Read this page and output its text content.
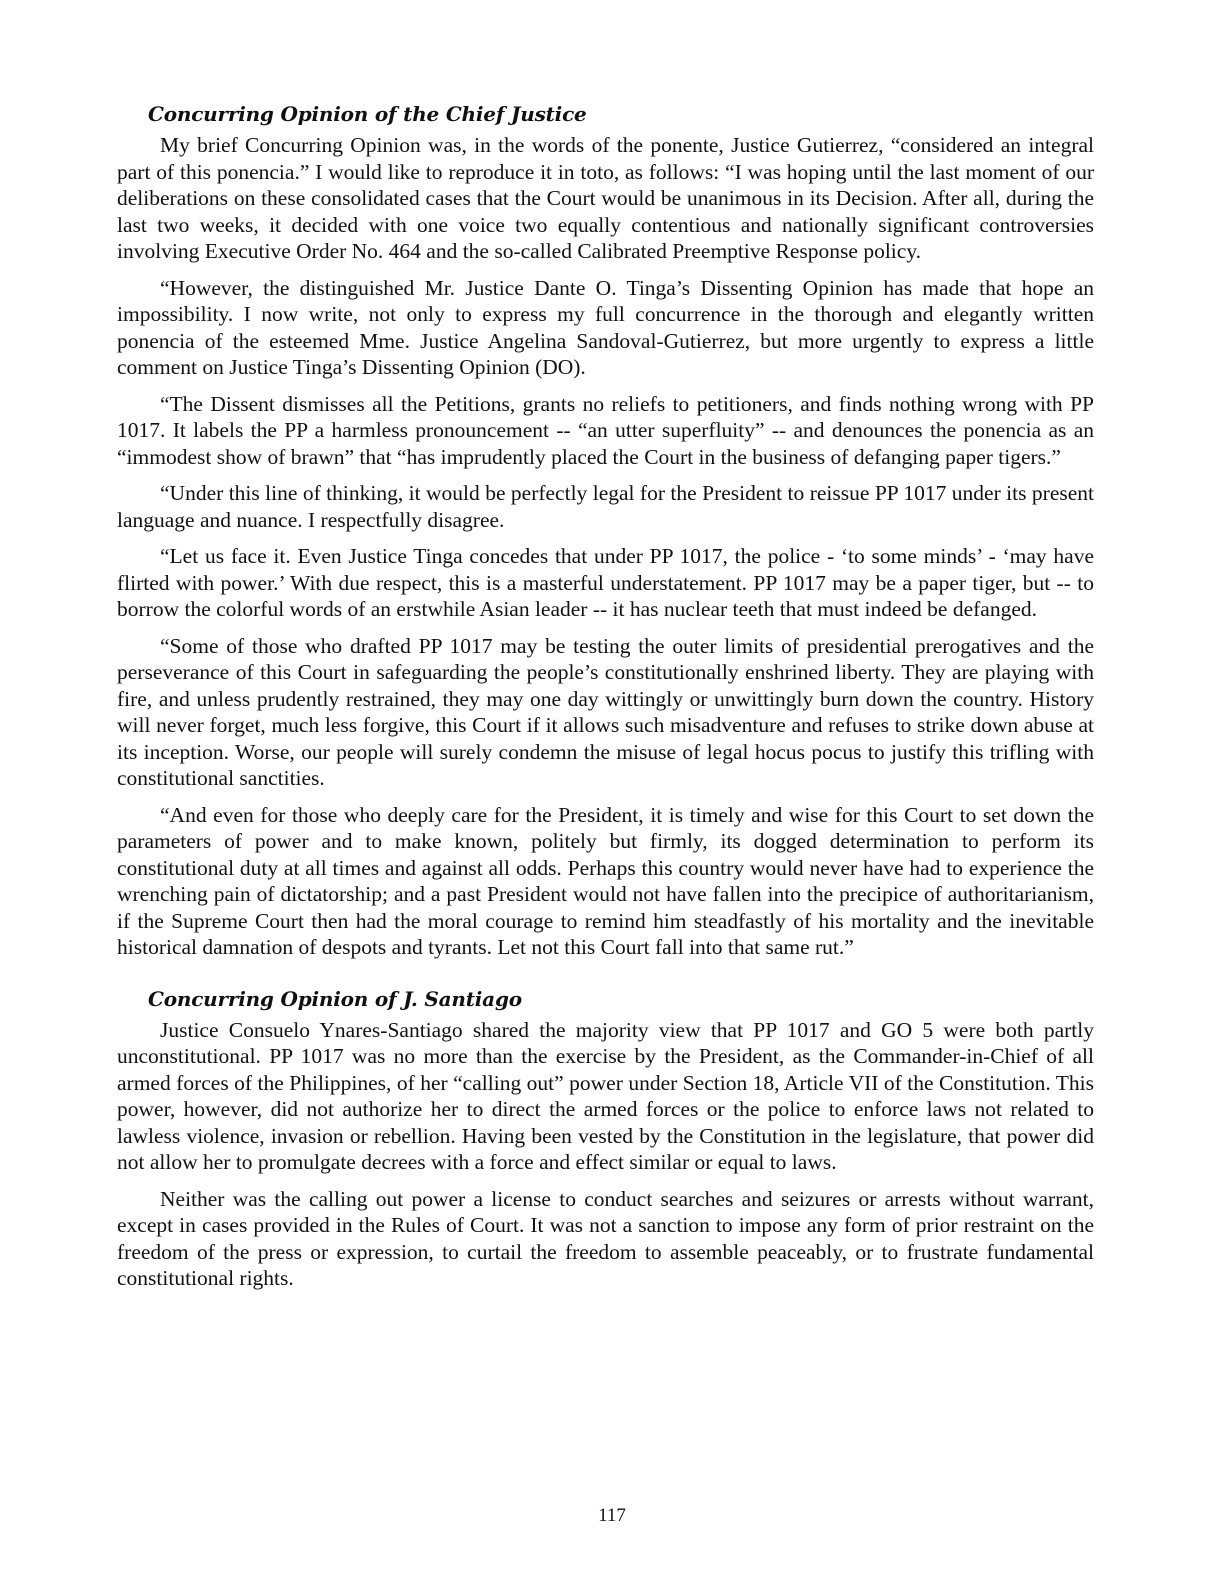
Concurring Opinion of the Chief Justice

My brief Concurring Opinion was, in the words of the ponente, Justice Gutierrez, “considered an integral part of this ponencia.” I would like to reproduce it in toto, as follows: “I was hoping until the last moment of our deliberations on these consolidated cases that the Court would be unanimous in its Decision. After all, during the last two weeks, it decided with one voice two equally contentious and nationally significant controversies involving Executive Order No. 464 and the so-called Calibrated Preemptive Response policy.

“However, the distinguished Mr. Justice Dante O. Tinga’s Dissenting Opinion has made that hope an impossibility. I now write, not only to express my full concurrence in the thorough and elegantly written ponencia of the esteemed Mme. Justice Angelina Sandoval-Gutierrez, but more urgently to express a little comment on Justice Tinga’s Dissenting Opinion (DO).

“The Dissent dismisses all the Petitions, grants no reliefs to petitioners, and finds nothing wrong with PP 1017. It labels the PP a harmless pronouncement -- “an utter superfluity” -- and denounces the ponencia as an “immodest show of brawn” that “has imprudently placed the Court in the business of defanging paper tigers.”

“Under this line of thinking, it would be perfectly legal for the President to reissue PP 1017 under its present language and nuance. I respectfully disagree.

“Let us face it. Even Justice Tinga concedes that under PP 1017, the police - ‘to some minds’ - ‘may have flirted with power.’ With due respect, this is a masterful understatement. PP 1017 may be a paper tiger, but -- to borrow the colorful words of an erstwhile Asian leader -- it has nuclear teeth that must indeed be defanged.

“Some of those who drafted PP 1017 may be testing the outer limits of presidential prerogatives and the perseverance of this Court in safeguarding the people’s constitutionally enshrined liberty. They are playing with fire, and unless prudently restrained, they may one day wittingly or unwittingly burn down the country. History will never forget, much less forgive, this Court if it allows such misadventure and refuses to strike down abuse at its inception. Worse, our people will surely condemn the misuse of legal hocus pocus to justify this trifling with constitutional sanctities.

“And even for those who deeply care for the President, it is timely and wise for this Court to set down the parameters of power and to make known, politely but firmly, its dogged determination to perform its constitutional duty at all times and against all odds. Perhaps this country would never have had to experience the wrenching pain of dictatorship; and a past President would not have fallen into the precipice of authoritarianism, if the Supreme Court then had the moral courage to remind him steadfastly of his mortality and the inevitable historical damnation of despots and tyrants. Let not this Court fall into that same rut.”

Concurring Opinion of J. Santiago

Justice Consuelo Ynares-Santiago shared the majority view that PP 1017 and GO 5 were both partly unconstitutional. PP 1017 was no more than the exercise by the President, as the Commander-in-Chief of all armed forces of the Philippines, of her “calling out” power under Section 18, Article VII of the Constitution. This power, however, did not authorize her to direct the armed forces or the police to enforce laws not related to lawless violence, invasion or rebellion. Having been vested by the Constitution in the legislature, that power did not allow her to promulgate decrees with a force and effect similar or equal to laws.

Neither was the calling out power a license to conduct searches and seizures or arrests without warrant, except in cases provided in the Rules of Court. It was not a sanction to impose any form of prior restraint on the freedom of the press or expression, to curtail the freedom to assemble peaceably, or to frustrate fundamental constitutional rights.

117
